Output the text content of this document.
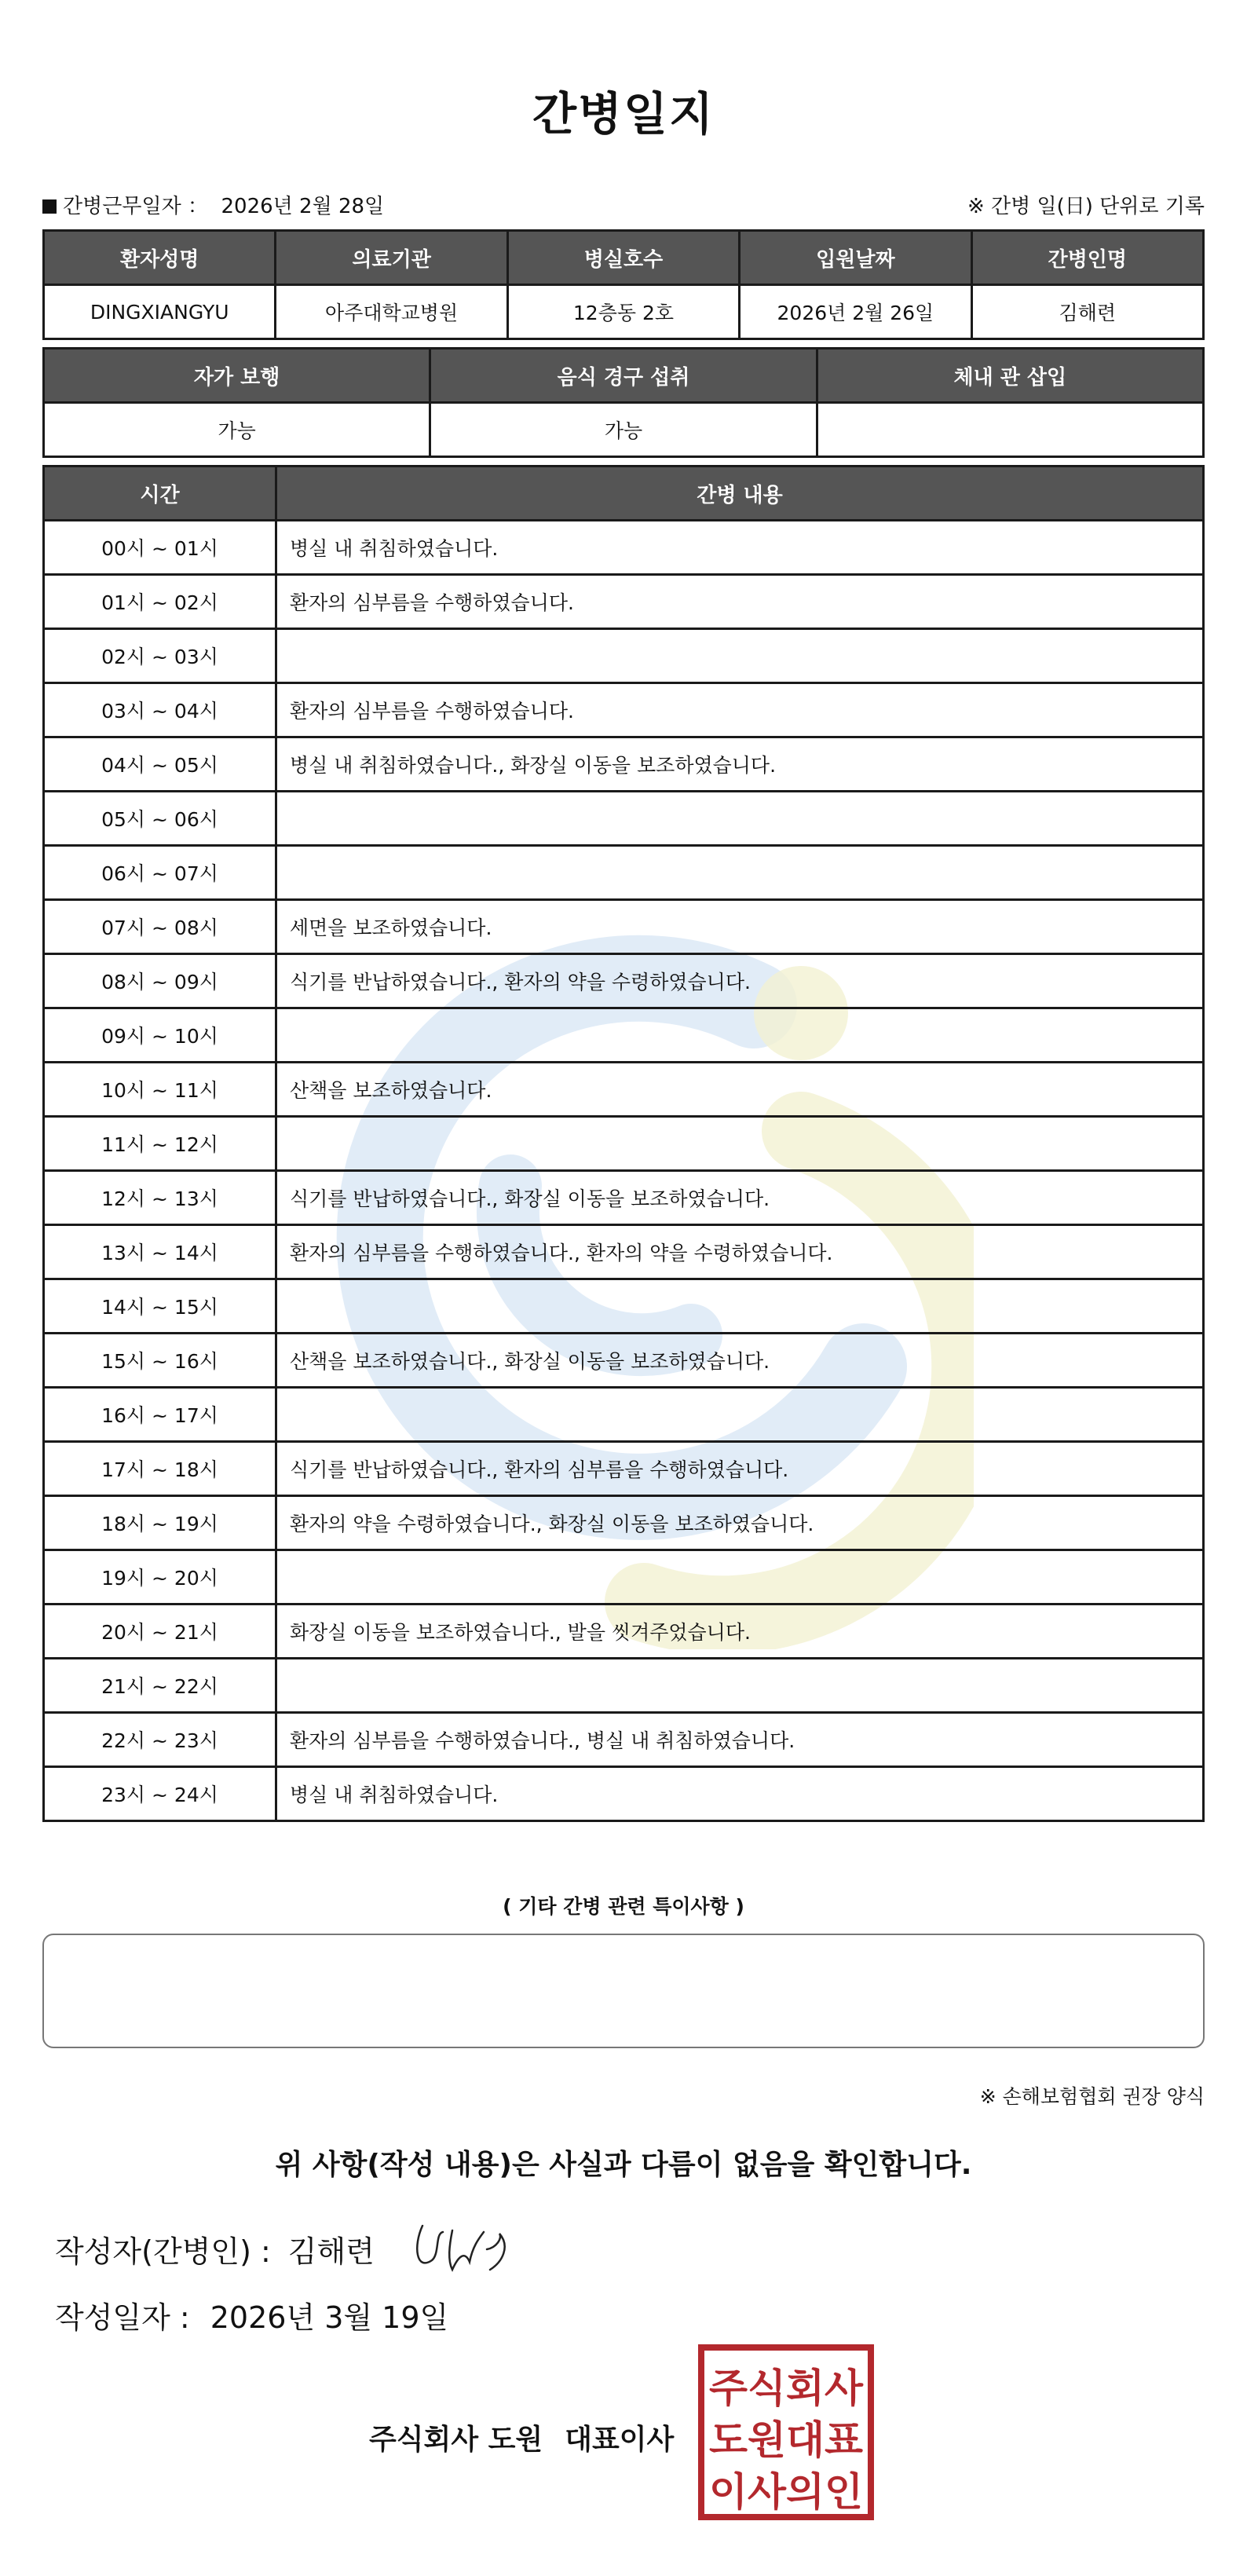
간병일지
간병근무일자 ： 2026년 2월 28일	※ 간병 일(日) 단위로 기록
환자성명	의료기관	병실호수	입원날짜	간병인명
DINGXIANGYU	아주대학교병원	12층동 2호	2026년 2월 26일	김해련
자가 보행	음식 경구 섭취	체내 관 삽입
가능	가능	
시간	간병 내용
00시 ~ 01시	병실 내 취침하였습니다.
01시 ~ 02시	환자의 심부름을 수행하였습니다.
02시 ~ 03시	
03시 ~ 04시	환자의 심부름을 수행하였습니다.
04시 ~ 05시	병실 내 취침하였습니다., 화장실 이동을 보조하였습니다.
05시 ~ 06시	
06시 ~ 07시	
07시 ~ 08시	세면을 보조하였습니다.
08시 ~ 09시	식기를 반납하였습니다., 환자의 약을 수령하였습니다.
09시 ~ 10시	
10시 ~ 11시	산책을 보조하였습니다.
11시 ~ 12시	
12시 ~ 13시	식기를 반납하였습니다., 화장실 이동을 보조하였습니다.
13시 ~ 14시	환자의 심부름을 수행하였습니다., 환자의 약을 수령하였습니다.
14시 ~ 15시	
15시 ~ 16시	산책을 보조하였습니다., 화장실 이동을 보조하였습니다.
16시 ~ 17시	
17시 ~ 18시	식기를 반납하였습니다., 환자의 심부름을 수행하였습니다.
18시 ~ 19시	환자의 약을 수령하였습니다., 화장실 이동을 보조하였습니다.
19시 ~ 20시	
20시 ~ 21시	화장실 이동을 보조하였습니다., 발을 씻겨주었습니다.
21시 ~ 22시	
22시 ~ 23시	환자의 심부름을 수행하였습니다., 병실 내 취침하였습니다.
23시 ~ 24시	병실 내 취침하였습니다.
( 기타 간병 관련 특이사항 )
※ 손해보험협회 권장 양식
위 사항(작성 내용)은 사실과 다름이 없음을 확인합니다.
작성자(간병인) : 김해련
작성일자 : 2026년 3월 19일
주식회사 도원 대표이사
주식회사
도원대표
이사의인
